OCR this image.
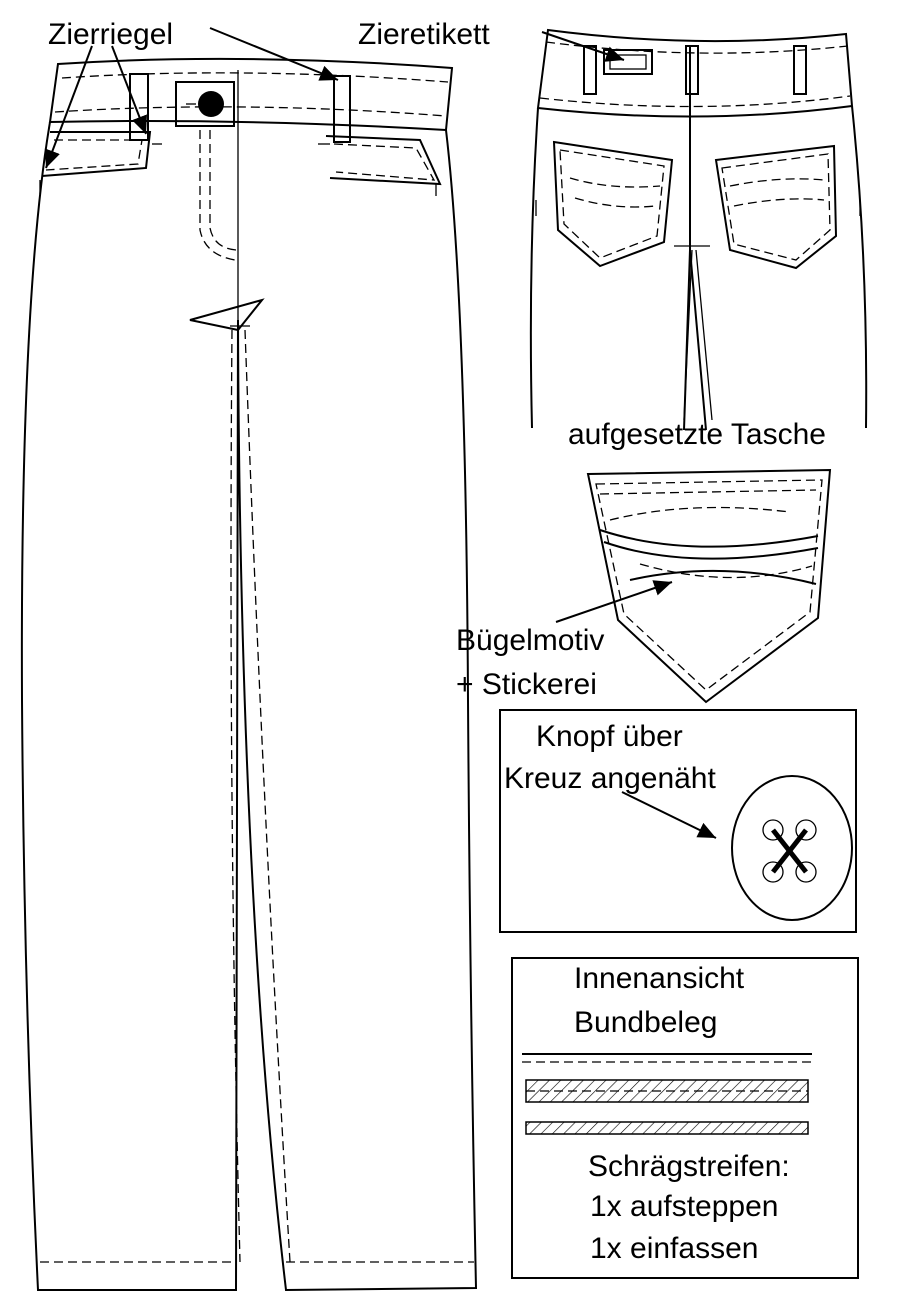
Zierriegel	Zieretikett
aufgesetzte Tasche
Bügelmotiv
+ Stickerei
Knopf über
Kreuz angenäht
Innenansicht
Bundbeleg
Schrägstreifen:
1x aufsteppen
1x einfassen
